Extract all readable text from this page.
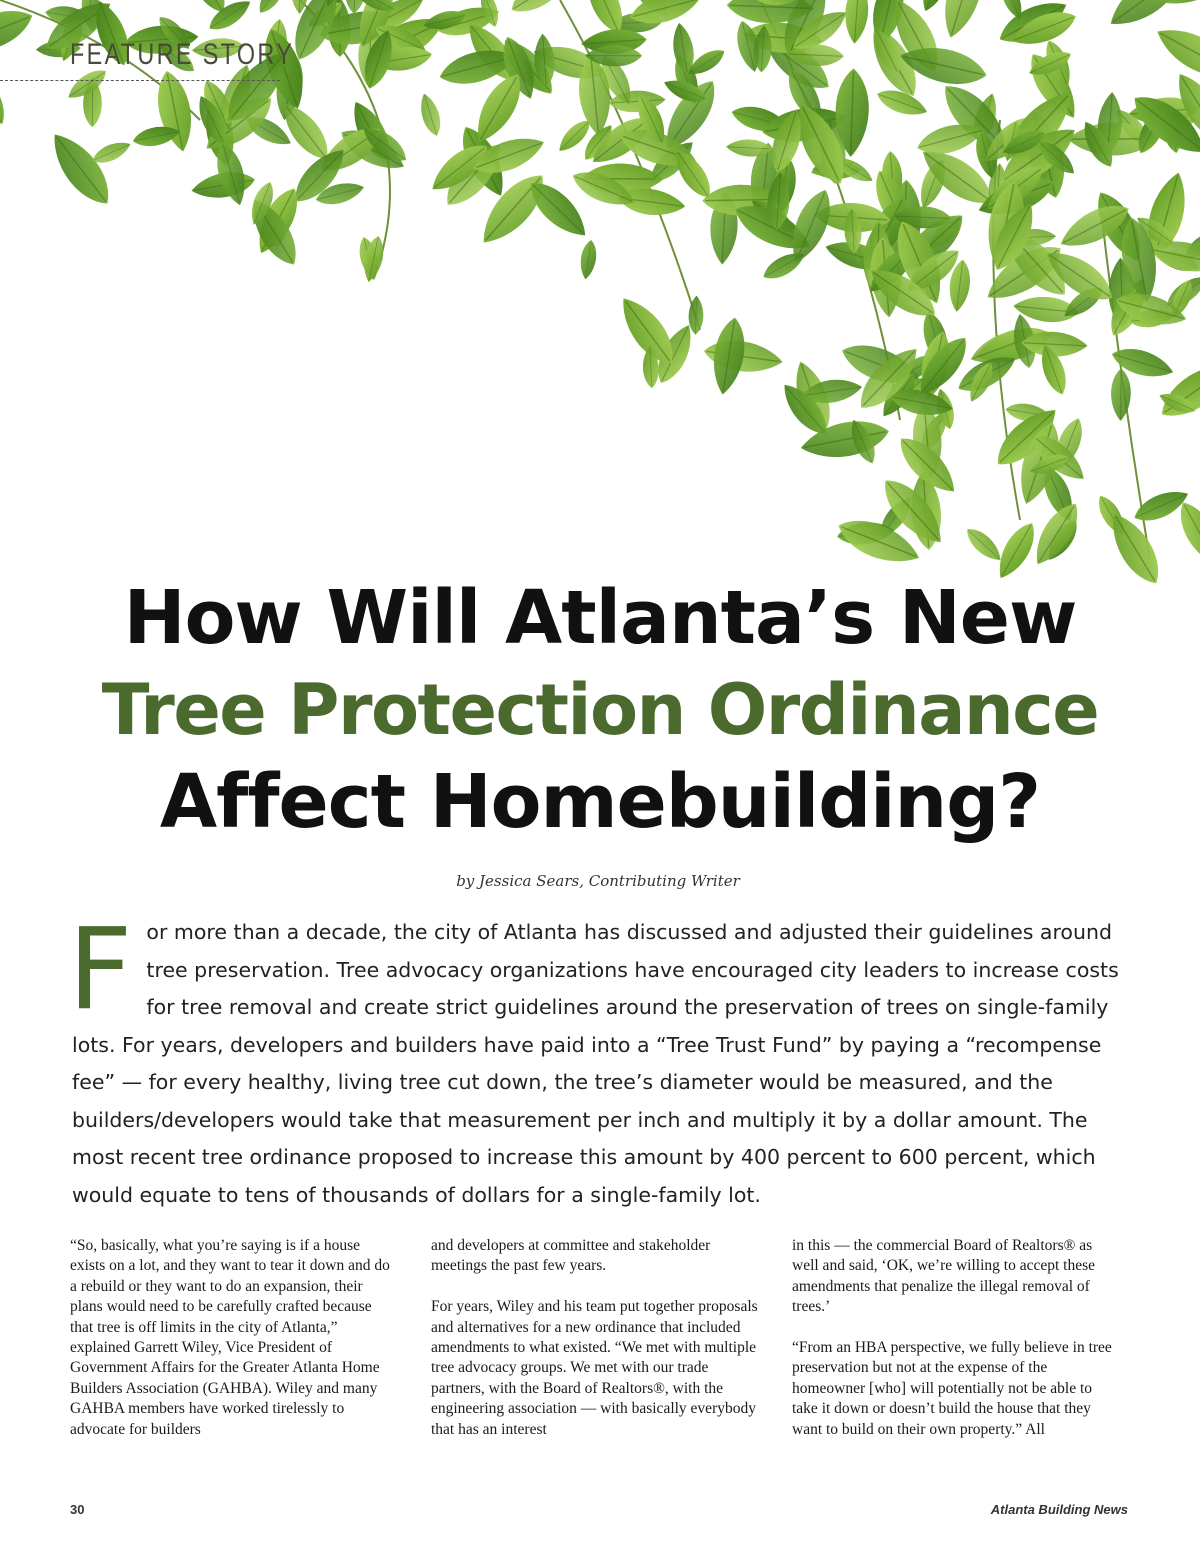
FEATURE STORY
How Will Atlanta’s New
Tree Protection Ordinance
Affect Homebuilding?
by Jessica Sears, Contributing Writer
F or more than a decade, the city of Atlanta has discussed and adjusted their guidelines around tree preservation. Tree advocacy organizations have encouraged city leaders to increase costs for tree removal and create strict guidelines around the preservation of trees on single-family lots. For years, developers and builders have paid into a “Tree Trust Fund” by paying a “recompense fee” — for every healthy, living tree cut down, the tree’s diameter would be measured, and the builders/developers would take that measurement per inch and multiply it by a dollar amount. The most recent tree ordinance proposed to increase this amount by 400 percent to 600 percent, which would equate to tens of thousands of dollars for a single-family lot.

“So, basically, what you’re saying is if a house exists on a lot, and they want to tear it down and do a rebuild or they want to do an expansion, their plans would need to be carefully crafted because that tree is off limits in the city of Atlanta,” explained Garrett Wiley, Vice President of Government Affairs for the Greater Atlanta Home Builders Association (GAHBA). Wiley and many GAHBA members have worked tirelessly to advocate for builders

and developers at committee and stakeholder meetings the past few years.

For years, Wiley and his team put together proposals and alternatives for a new ordinance that included amendments to what existed. “We met with multiple tree advocacy groups. We met with our trade partners, with the Board of Realtors®, with the engineering association — with basically everybody that has an interest

in this — the commercial Board of Realtors® as well and said, ‘OK, we’re willing to accept these amendments that penalize the illegal removal of trees.’

“From an HBA perspective, we fully believe in tree preservation but not at the expense of the homeowner [who] will potentially not be able to take it down or doesn’t build the house that they want to build on their own property.” All

30	Atlanta Building News
